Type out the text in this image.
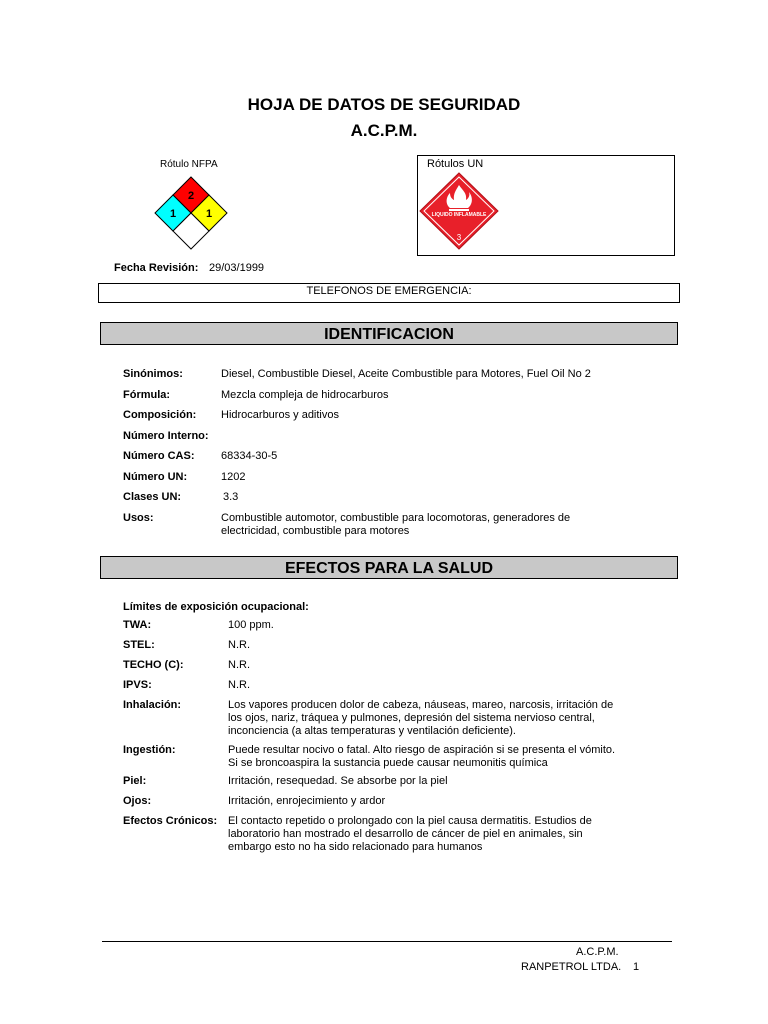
HOJA DE DATOS DE SEGURIDAD
A.C.P.M.
Rótulo NFPA
2
1	1
Rótulos UN
LIQUIDO INFLAMABLE
3
Fecha Revisión: 29/03/1999
TELEFONOS DE EMERGENCIA:
IDENTIFICACION
Sinónimos:	Diesel, Combustible Diesel, Aceite Combustible para Motores, Fuel Oil No 2
Fórmula:	Mezcla compleja de hidrocarburos
Composición: Hidrocarburos y aditivos
Número Interno:
Número CAS: 68334-30-5
Número UN:	1202
Clases UN:	3.3
Usos:	Combustible automotor, combustible para locomotoras, generadores de
electricidad, combustible para motores
EFECTOS PARA LA SALUD
Límites de exposición ocupacional:
TWA:	100 ppm.
STEL:	N.R.
TECHO (C):	N.R.
IPVS:	N.R.
Inhalación:	Los vapores producen dolor de cabeza, náuseas, mareo, narcosis, irritación de
los ojos, nariz, tráquea y pulmones, depresión del sistema nervioso central,
inconciencia (a altas temperaturas y ventilación deficiente).
Ingestión:	Puede resultar nocivo o fatal. Alto riesgo de aspiración si se presenta el vómito.
Si se broncoaspira la sustancia puede causar neumonitis química
Piel:	Irritación, resequedad. Se absorbe por la piel
Ojos:	Irritación, enrojecimiento y ardor
Efectos Crónicos: El contacto repetido o prolongado con la piel causa dermatitis. Estudios de
laboratorio han mostrado el desarrollo de cáncer de piel en animales, sin
embargo esto no ha sido relacionado para humanos
A.C.P.M.
RANPETROL LTDA. 1
